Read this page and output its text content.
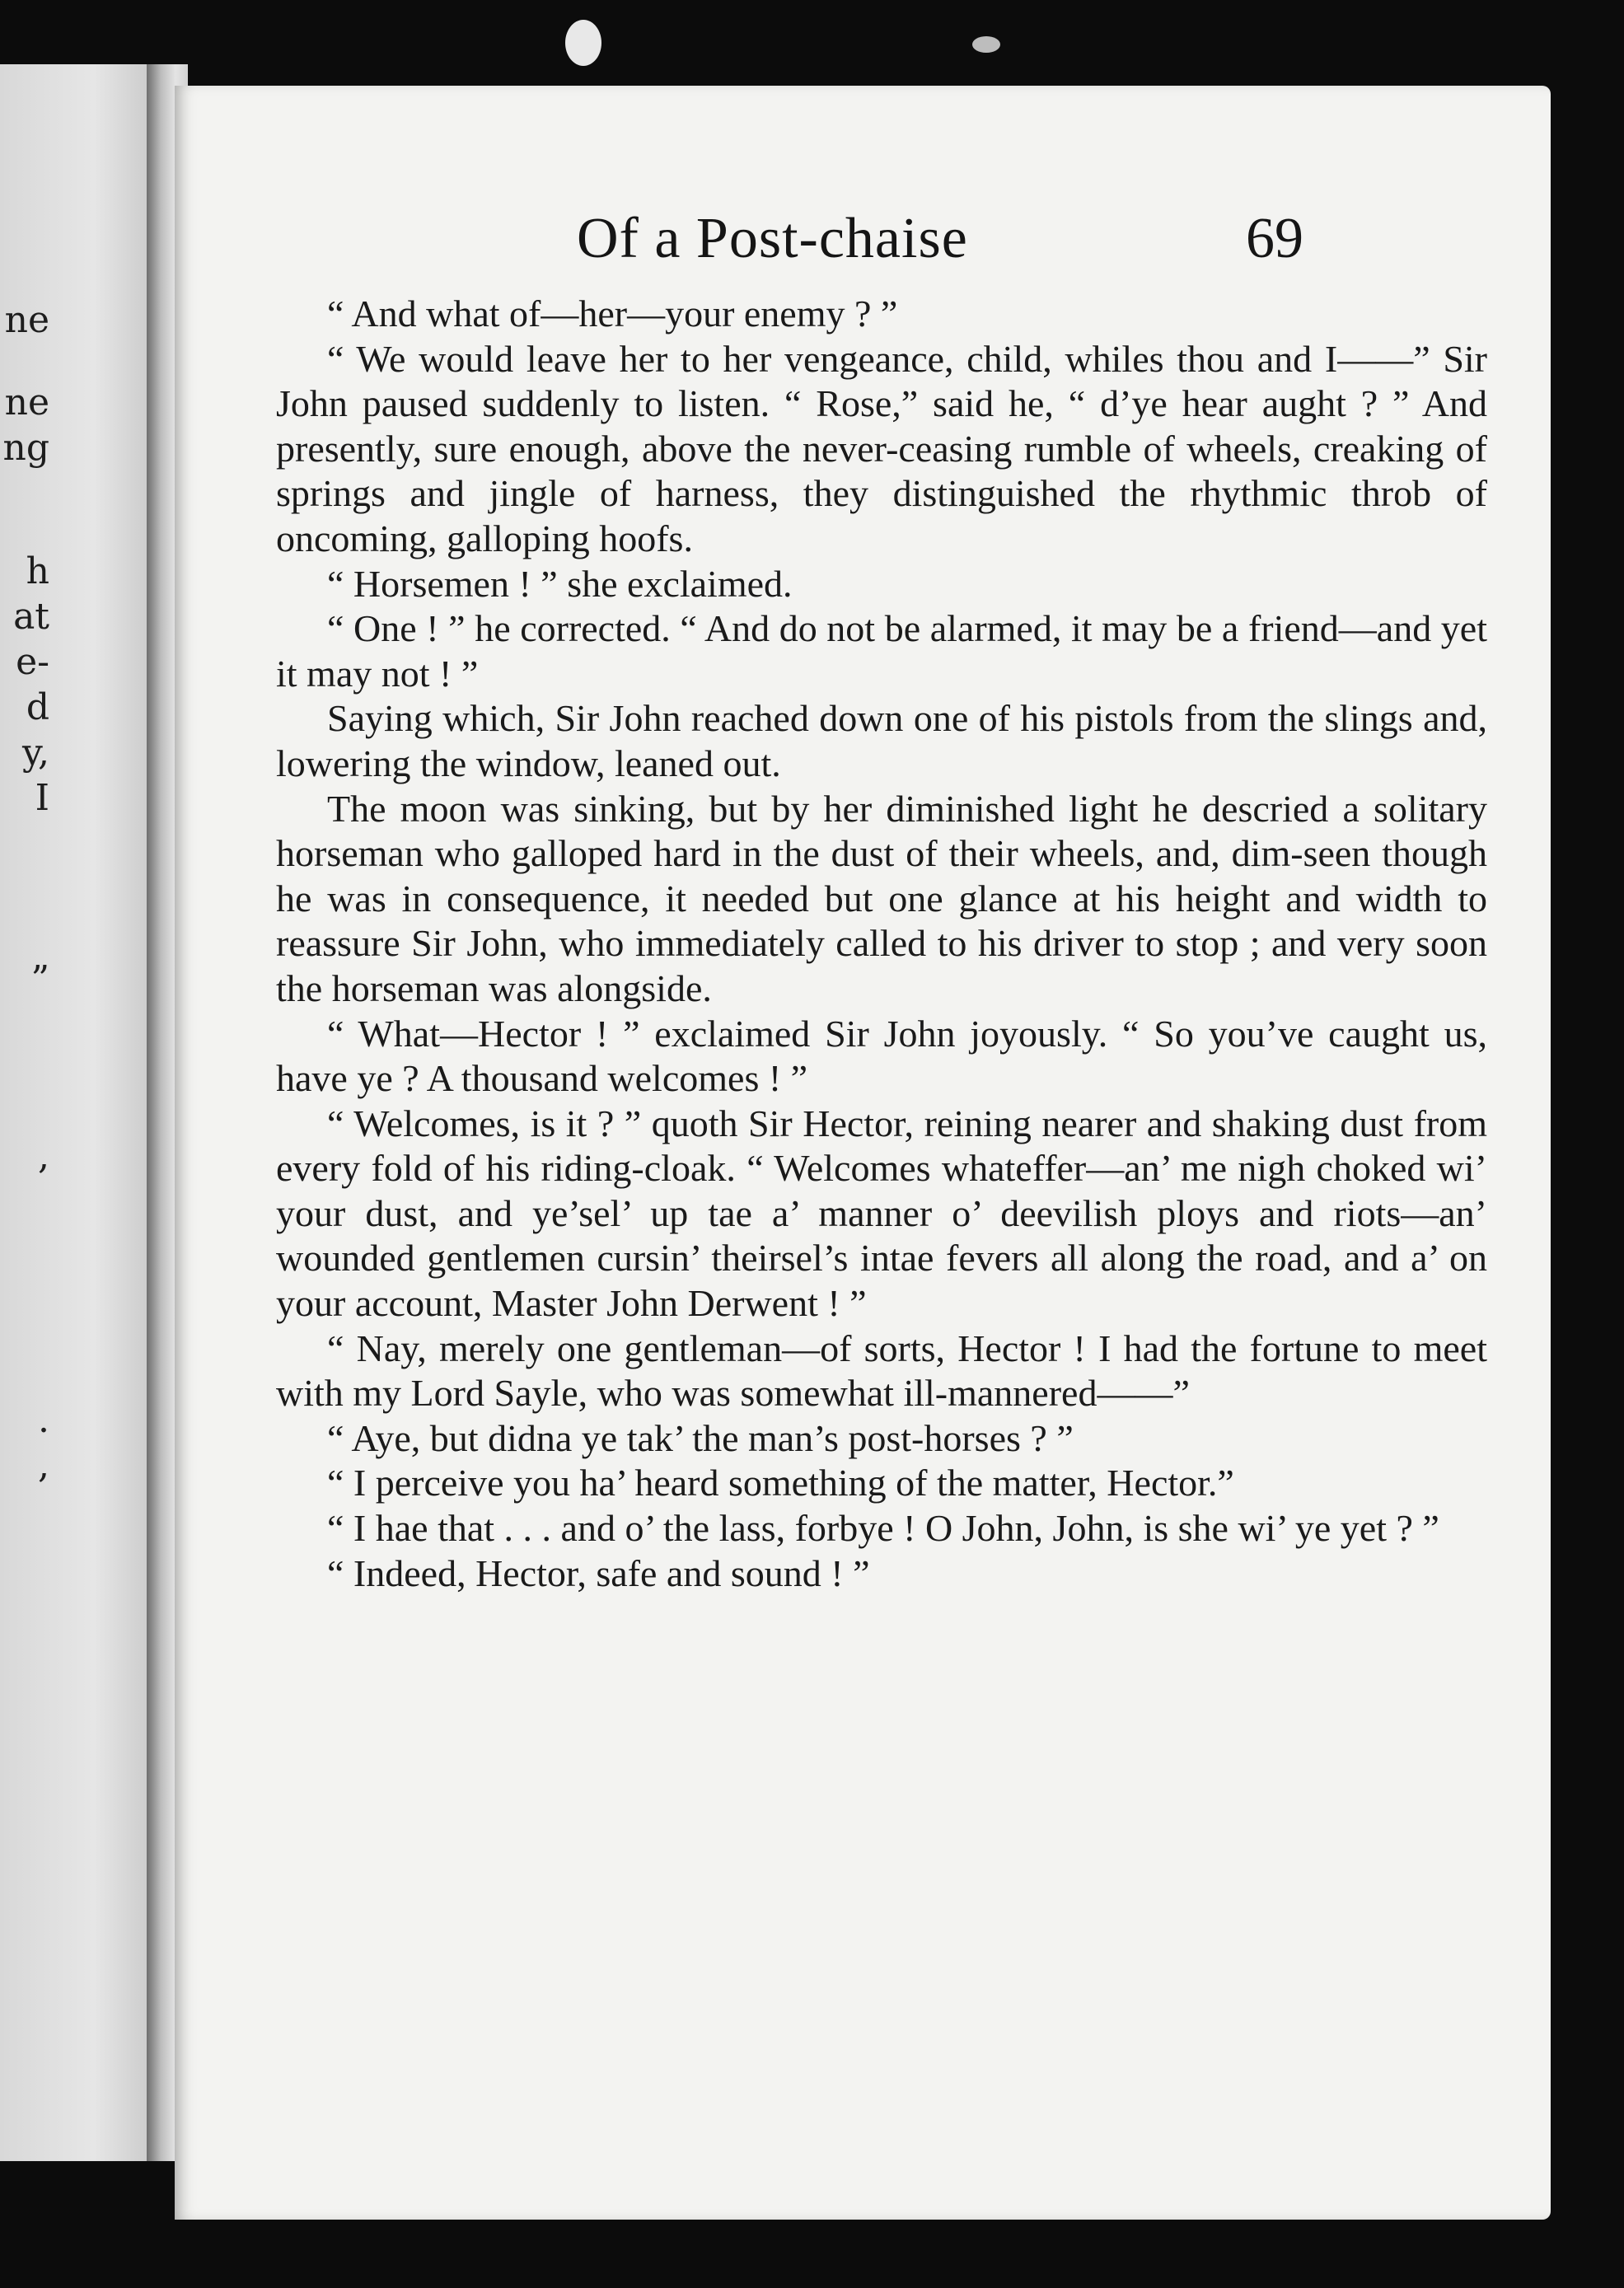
ne
ne
ng
h
at
e-
d
y,
I
”
,
.
,
Of a Post-chaise	69

“ And what of—her—your enemy ? ”

“ We would leave her to her vengeance, child, whiles thou and I——” Sir John paused suddenly to listen. “ Rose,” said he, “ d’ye hear aught ? ” And presently, sure enough, above the never-ceasing rumble of wheels, creaking of springs and jingle of harness, they distinguished the rhythmic throb of oncoming, galloping hoofs.

“ Horsemen ! ” she exclaimed.

“ One ! ” he corrected. “ And do not be alarmed, it may be a friend—and yet it may not ! ”

Saying which, Sir John reached down one of his pistols from the slings and, lowering the window, leaned out.

The moon was sinking, but by her diminished light he descried a solitary horseman who galloped hard in the dust of their wheels, and, dim-seen though he was in consequence, it needed but one glance at his height and width to reassure Sir John, who immediately called to his driver to stop ; and very soon the horseman was alongside.

“ What—Hector ! ” exclaimed Sir John joyously. “ So you’ve caught us, have ye ? A thousand welcomes ! ”

“ Welcomes, is it ? ” quoth Sir Hector, reining nearer and shaking dust from every fold of his riding-cloak. “ Welcomes whateffer—an’ me nigh choked wi’ your dust, and ye’sel’ up tae a’ manner o’ deevilish ploys and riots—an’ wounded gentlemen cursin’ theirsel’s intae fevers all along the road, and a’ on your account, Master John Derwent ! ”

“ Nay, merely one gentleman—of sorts, Hector ! I had the fortune to meet with my Lord Sayle, who was somewhat ill-mannered——”

“ Aye, but didna ye tak’ the man’s post-horses ? ”

“ I perceive you ha’ heard something of the matter, Hector.”

“ I hae that . . . and o’ the lass, forbye ! O John, John, is she wi’ ye yet ? ”

“ Indeed, Hector, safe and sound ! ”
